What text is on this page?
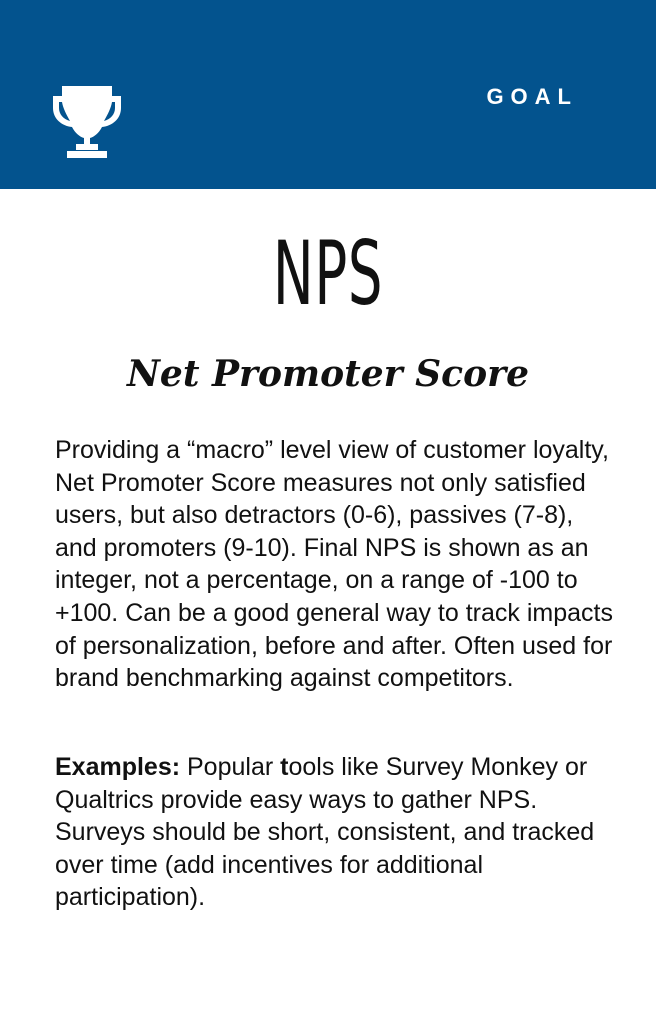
GOAL
NPS
Net Promoter Score

Providing a “macro” level view of customer loyalty, Net Promoter Score measures not only satisfied users, but also detractors (0-6), passives (7-8), and promoters (9-10). Final NPS is shown as an integer, not a percentage, on a range of -100 to +100. Can be a good general way to track impacts of personalization, before and after. Often used for brand benchmarking against competitors.

Examples: Popular tools like Survey Monkey or Qualtrics provide easy ways to gather NPS. Surveys should be short, consistent, and tracked over time (add incentives for additional participation).
